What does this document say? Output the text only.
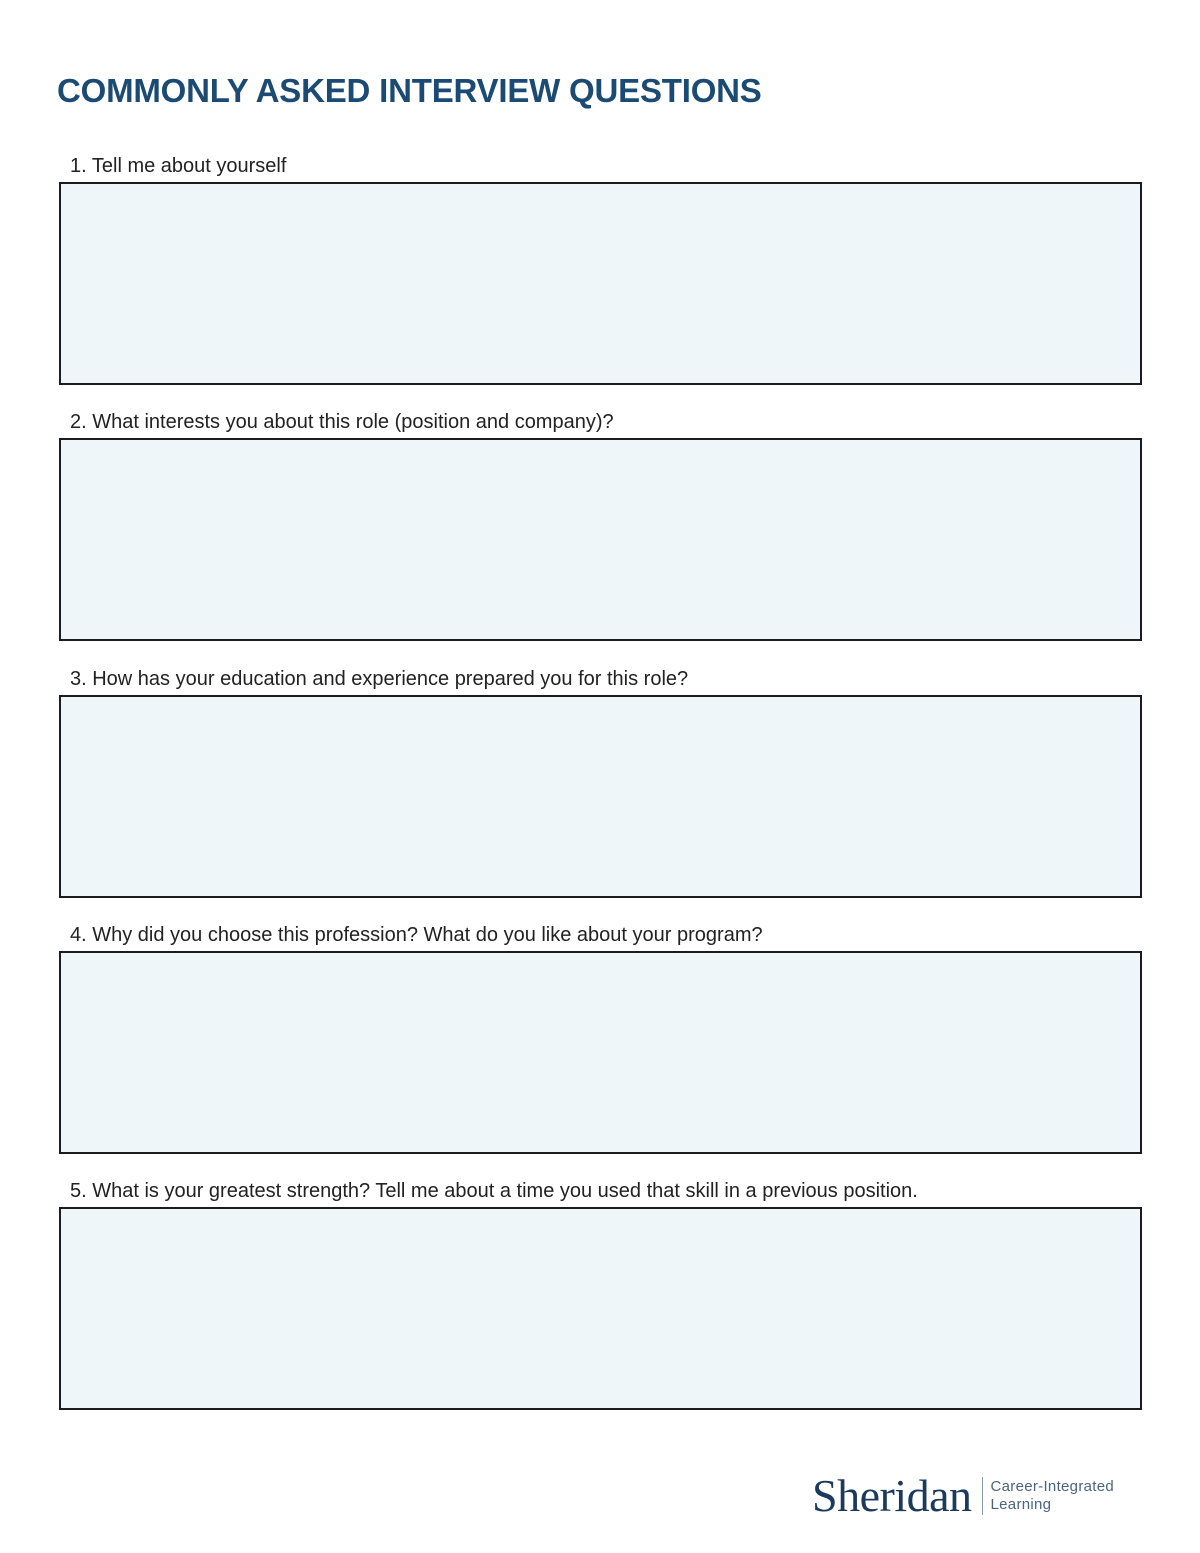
COMMONLY ASKED INTERVIEW QUESTIONS
1. Tell me about yourself
2. What interests you about this role (position and company)?
3. How has your education and experience prepared you for this role?
4. Why did you choose this profession? What do you like about your program?
5. What is your greatest strength? Tell me about a time you used that skill in a previous position.
Sheridan Career-Integrated
Learning
